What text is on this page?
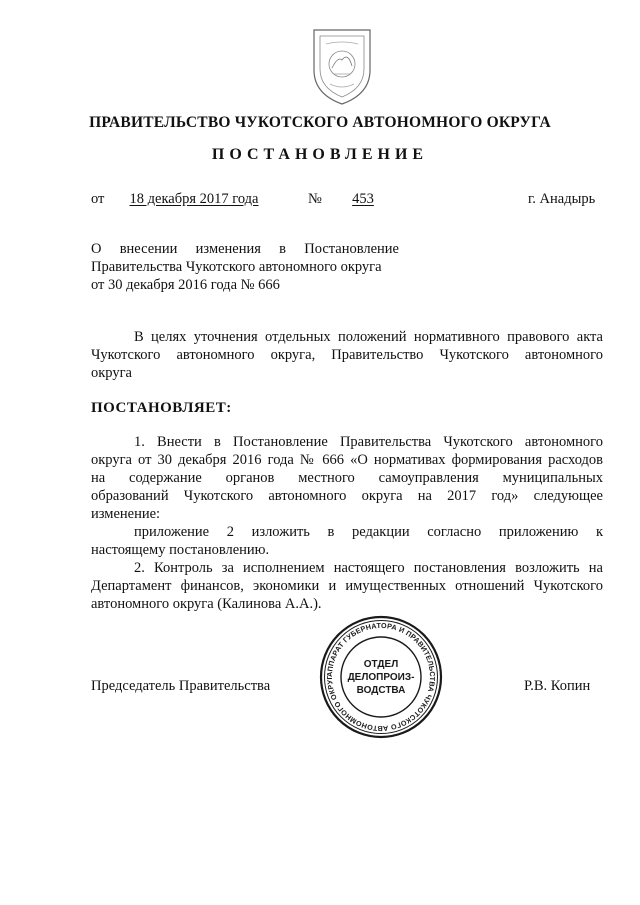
ПРАВИТЕЛЬСТВО ЧУКОТСКОГО АВТОНОМНОГО ОКРУГА
ПОСТАНОВЛЕНИЕ
от	18 декабря 2017 года	№	453	г. Анадырь
О внесении изменения в Постановление
Правительства Чукотского автономного округа
от 30 декабря 2016 года № 666
В целях уточнения отдельных положений нормативного правового акта
Чукотского автономного округа, Правительство Чукотского автономного
округа
ПОСТАНОВЛЯЕТ:
1. Внести в Постановление Правительства Чукотского автономного
округа от 30 декабря 2016 года № 666 «О нормативах формирования расходов
на содержание органов местного самоуправления муниципальных
образований Чукотского автономного округа на 2017 год» следующее
изменение:
приложение 2 изложить в редакции согласно приложению к
настоящему постановлению.
2. Контроль за исполнением настоящего постановления возложить на
Департамент финансов, экономики и имущественных отношений Чукотского
автономного округа (Калинова А.А.).
Председатель Правительства	Р.В. Копин
АППАРАТ ГУБЕРНАТОРА И ПРАВИТЕЛЬСТВА ЧУКОТСКОГО АВТОНОМНОГО ОКРУГ
ОТДЕЛ
ДЕЛОПРОИЗ-
ВОДСТВА
